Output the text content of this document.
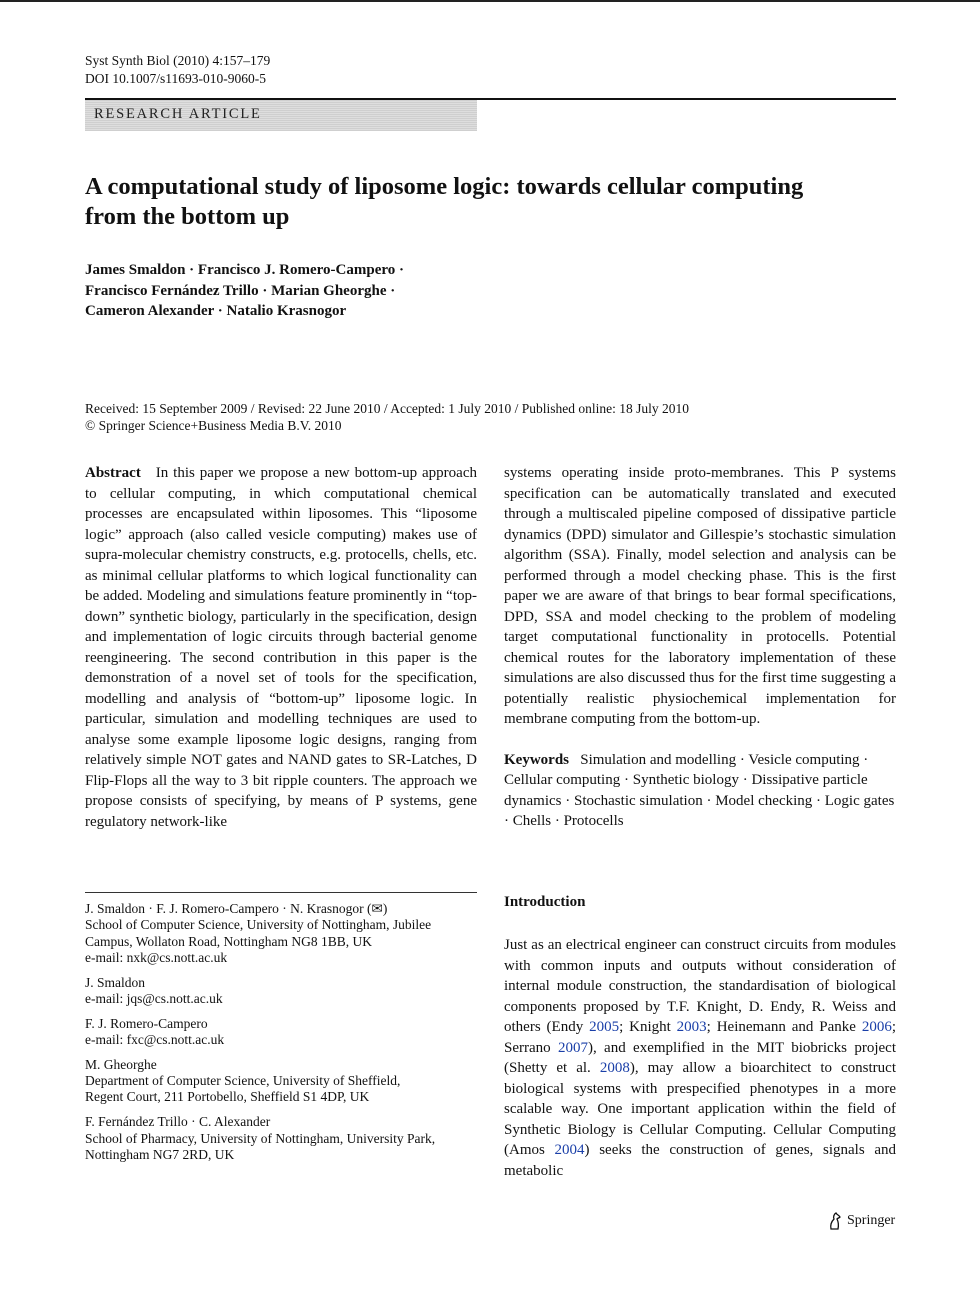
Syst Synth Biol (2010) 4:157–179
DOI 10.1007/s11693-010-9060-5
RESEARCH ARTICLE
A computational study of liposome logic: towards cellular computing from the bottom up
James Smaldon · Francisco J. Romero-Campero ·
Francisco Fernández Trillo · Marian Gheorghe ·
Cameron Alexander · Natalio Krasnogor
Received: 15 September 2009 / Revised: 22 June 2010 / Accepted: 1 July 2010 / Published online: 18 July 2010
© Springer Science+Business Media B.V. 2010

Abstract In this paper we propose a new bottom-up approach to cellular computing, in which computational chemical processes are encapsulated within liposomes. This “liposome logic” approach (also called vesicle computing) makes use of supra-molecular chemistry constructs, e.g. protocells, chells, etc. as minimal cellular platforms to which logical functionality can be added. Modeling and simulations feature prominently in “top-down” synthetic biology, particularly in the specification, design and implementation of logic circuits through bacterial genome reengineering. The second contribution in this paper is the demonstration of a novel set of tools for the specification, modelling and analysis of “bottom-up” liposome logic. In particular, simulation and modelling techniques are used to analyse some example liposome logic designs, ranging from relatively simple NOT gates and NAND gates to SR-Latches, D Flip-Flops all the way to 3 bit ripple counters. The approach we propose consists of specifying, by means of P systems, gene regulatory network-like

systems operating inside proto-membranes. This P systems specification can be automatically translated and executed through a multiscaled pipeline composed of dissipative particle dynamics (DPD) simulator and Gillespie’s stochastic simulation algorithm (SSA). Finally, model selection and analysis can be performed through a model checking phase. This is the first paper we are aware of that brings to bear formal specifications, DPD, SSA and model checking to the problem of modeling target computational functionality in protocells. Potential chemical routes for the laboratory implementation of these simulations are also discussed thus for the first time suggesting a potentially realistic physiochemical implementation for membrane computing from the bottom-up.

Keywords Simulation and modelling · Vesicle computing · Cellular computing · Synthetic biology · Dissipative particle dynamics · Stochastic simulation · Model checking · Logic gates · Chells · Protocells

Introduction

Just as an electrical engineer can construct circuits from modules with common inputs and outputs without consideration of internal module construction, the standardisation of biological components proposed by T.F. Knight, D. Endy, R. Weiss and others (Endy 2005; Knight 2003; Heinemann and Panke 2006; Serrano 2007), and exemplified in the MIT biobricks project (Shetty et al. 2008), may allow a bioarchitect to construct biological systems with prespecified phenotypes in a more scalable way. One important application within the field of Synthetic Biology is Cellular Computing. Cellular Computing (Amos 2004) seeks the construction of genes, signals and metabolic

J. Smaldon · F. J. Romero-Campero · N. Krasnogor (✉)
School of Computer Science, University of Nottingham, Jubilee
Campus, Wollaton Road, Nottingham NG8 1BB, UK
e-mail: nxk@cs.nott.ac.uk
J. Smaldon
e-mail: jqs@cs.nott.ac.uk
F. J. Romero-Campero
e-mail: fxc@cs.nott.ac.uk
M. Gheorghe
Department of Computer Science, University of Sheffield,
Regent Court, 211 Portobello, Sheffield S1 4DP, UK
F. Fernández Trillo · C. Alexander
School of Pharmacy, University of Nottingham, University Park,
Nottingham NG7 2RD, UK
Springer
